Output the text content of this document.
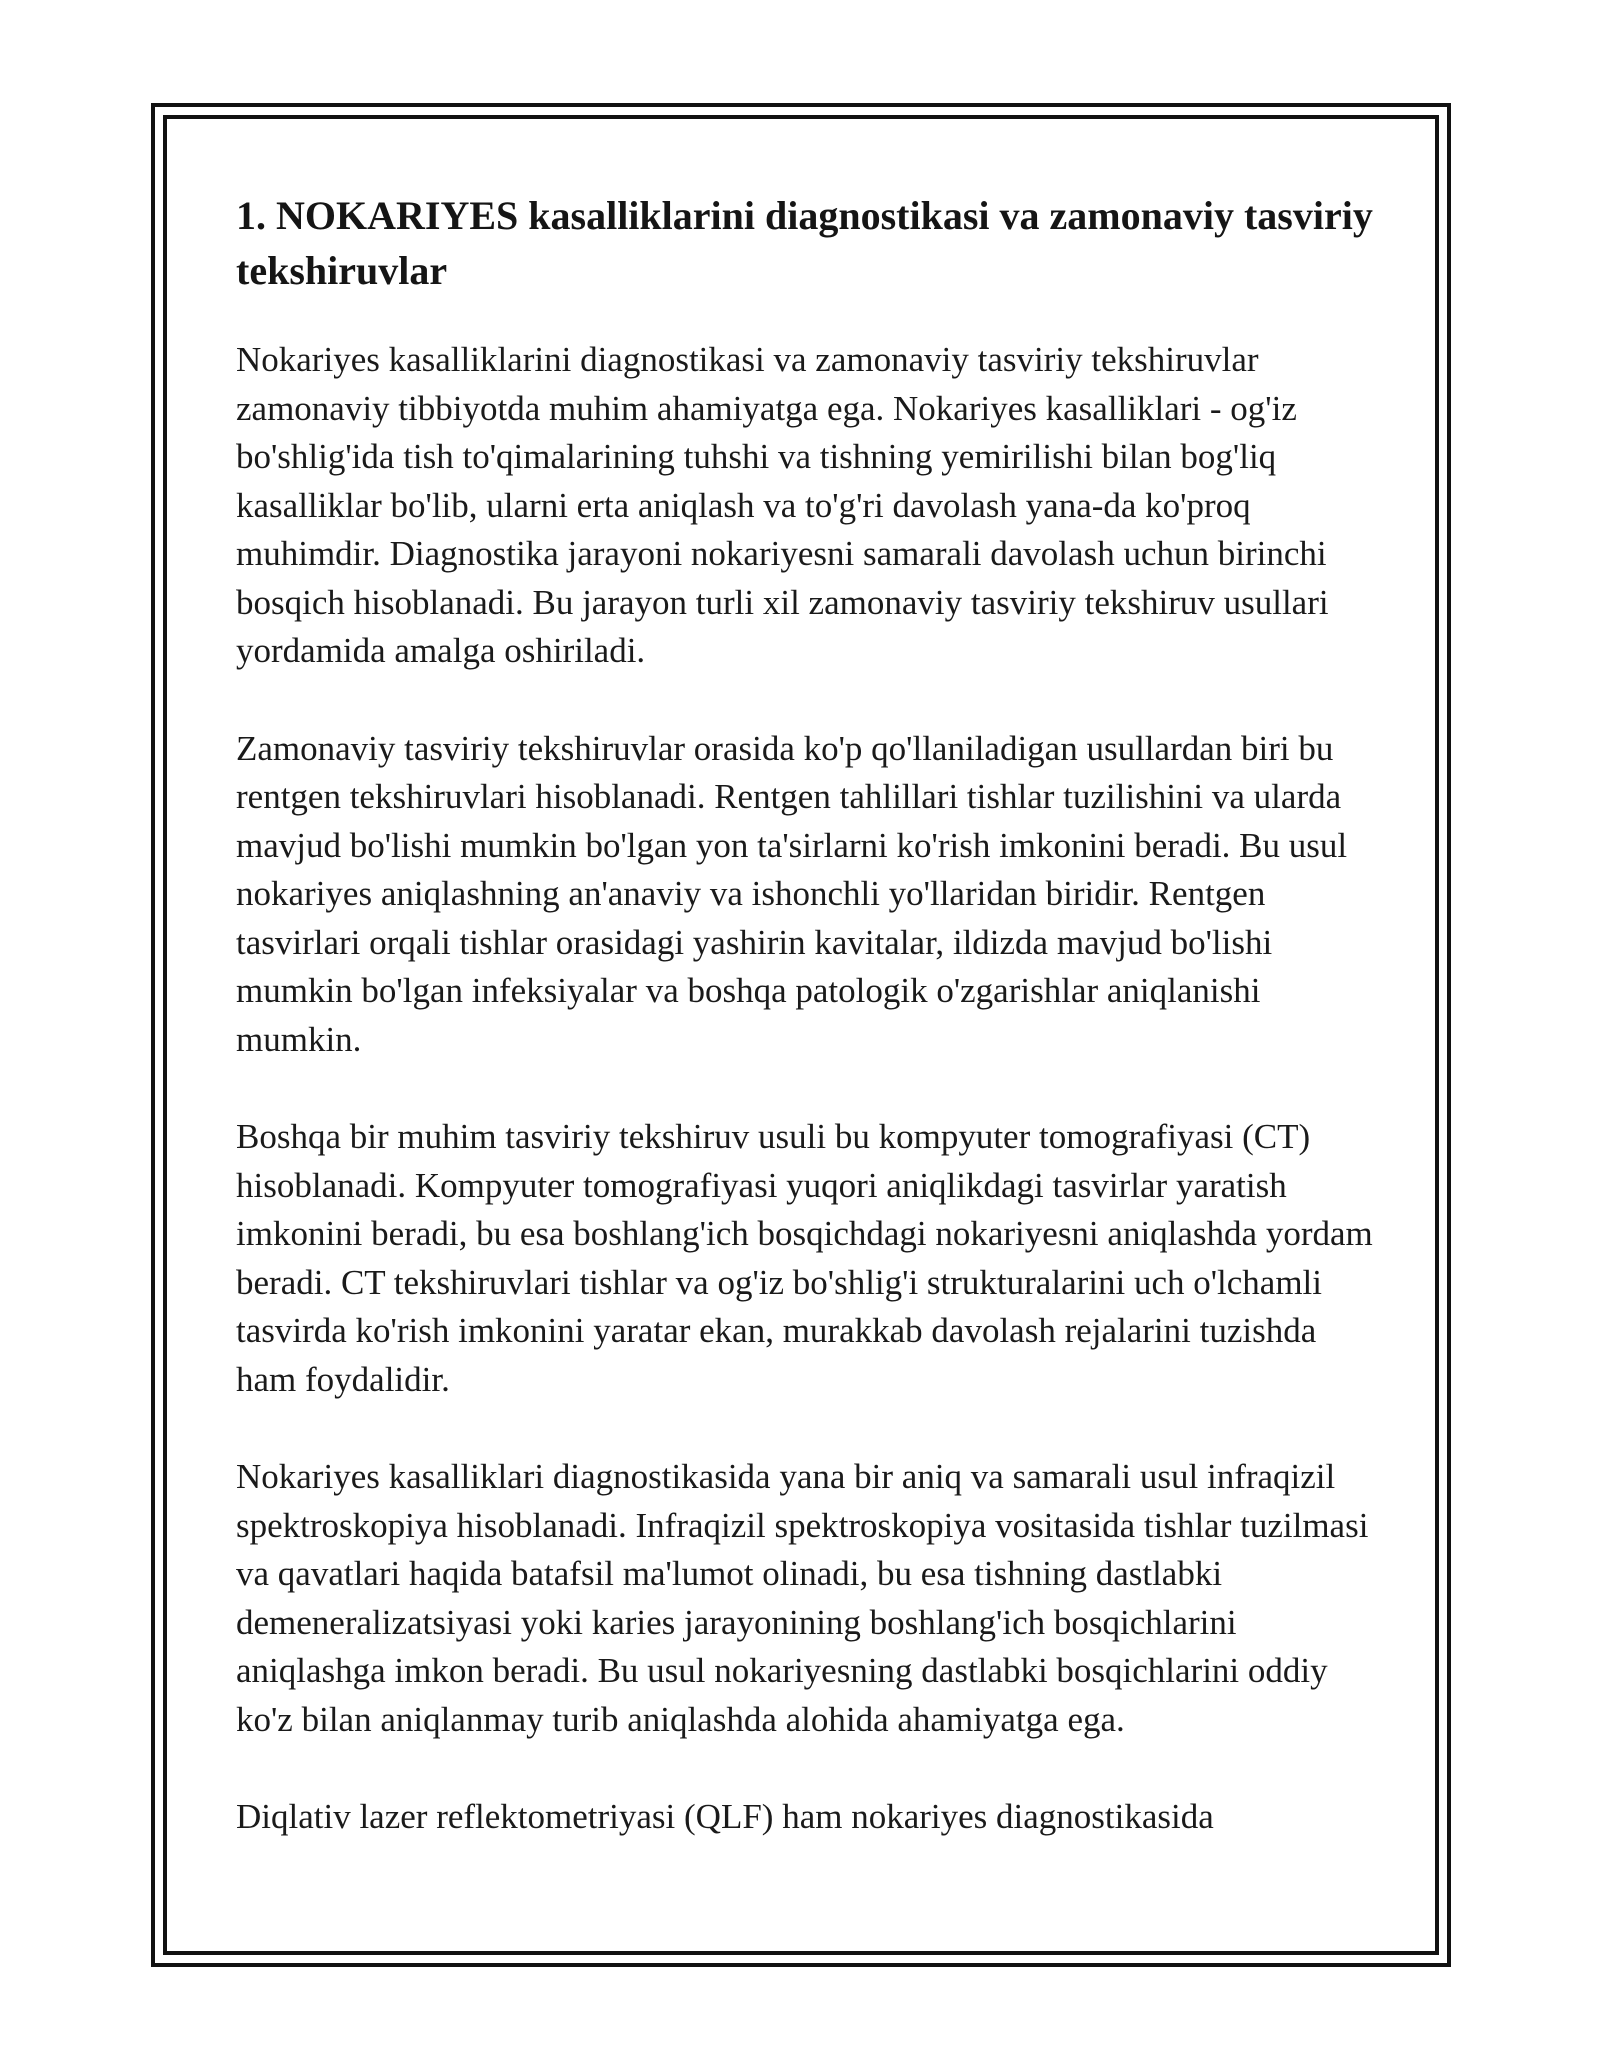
1. NOKARIYES kasalliklarini diagnostikasi va zamonaviy tasviriy tekshiruvlar

Nokariyes kasalliklarini diagnostikasi va zamonaviy tasviriy tekshiruvlar zamonaviy tibbiyotda muhim ahamiyatga ega. Nokariyes kasalliklari - og'iz bo'shlig'ida tish to'qimalarining tuhshi va tishning yemirilishi bilan bog'liq kasalliklar bo'lib, ularni erta aniqlash va to'g'ri davolash yana-da ko'proq muhimdir. Diagnostika jarayoni nokariyesni samarali davolash uchun birinchi bosqich hisoblanadi. Bu jarayon turli xil zamonaviy tasviriy tekshiruv usullari yordamida amalga oshiriladi.

Zamonaviy tasviriy tekshiruvlar orasida ko'p qo'llaniladigan usullardan biri bu rentgen tekshiruvlari hisoblanadi. Rentgen tahlillari tishlar tuzilishini va ularda mavjud bo'lishi mumkin bo'lgan yon ta'sirlarni ko'rish imkonini beradi. Bu usul nokariyes aniqlashning an'anaviy va ishonchli yo'llaridan biridir. Rentgen tasvirlari orqali tishlar orasidagi yashirin kavitalar, ildizda mavjud bo'lishi mumkin bo'lgan infeksiyalar va boshqa patologik o'zgarishlar aniqlanishi mumkin.

Boshqa bir muhim tasviriy tekshiruv usuli bu kompyuter tomografiyasi (CT) hisoblanadi. Kompyuter tomografiyasi yuqori aniqlikdagi tasvirlar yaratish imkonini beradi, bu esa boshlang'ich bosqichdagi nokariyesni aniqlashda yordam beradi. CT tekshiruvlari tishlar va og'iz bo'shlig'i strukturalarini uch o'lchamli tasvirda ko'rish imkonini yaratar ekan, murakkab davolash rejalarini tuzishda ham foydalidir.

Nokariyes kasalliklari diagnostikasida yana bir aniq va samarali usul infraqizil spektroskopiya hisoblanadi. Infraqizil spektroskopiya vositasida tishlar tuzilmasi va qavatlari haqida batafsil ma'lumot olinadi, bu esa tishning dastlabki demeneralizatsiyasi yoki karies jarayonining boshlang'ich bosqichlarini aniqlashga imkon beradi. Bu usul nokariyesning dastlabki bosqichlarini oddiy ko'z bilan aniqlanmay turib aniqlashda alohida ahamiyatga ega.

Diqlativ lazer reflektometriyasi (QLF) ham nokariyes diagnostikasida
